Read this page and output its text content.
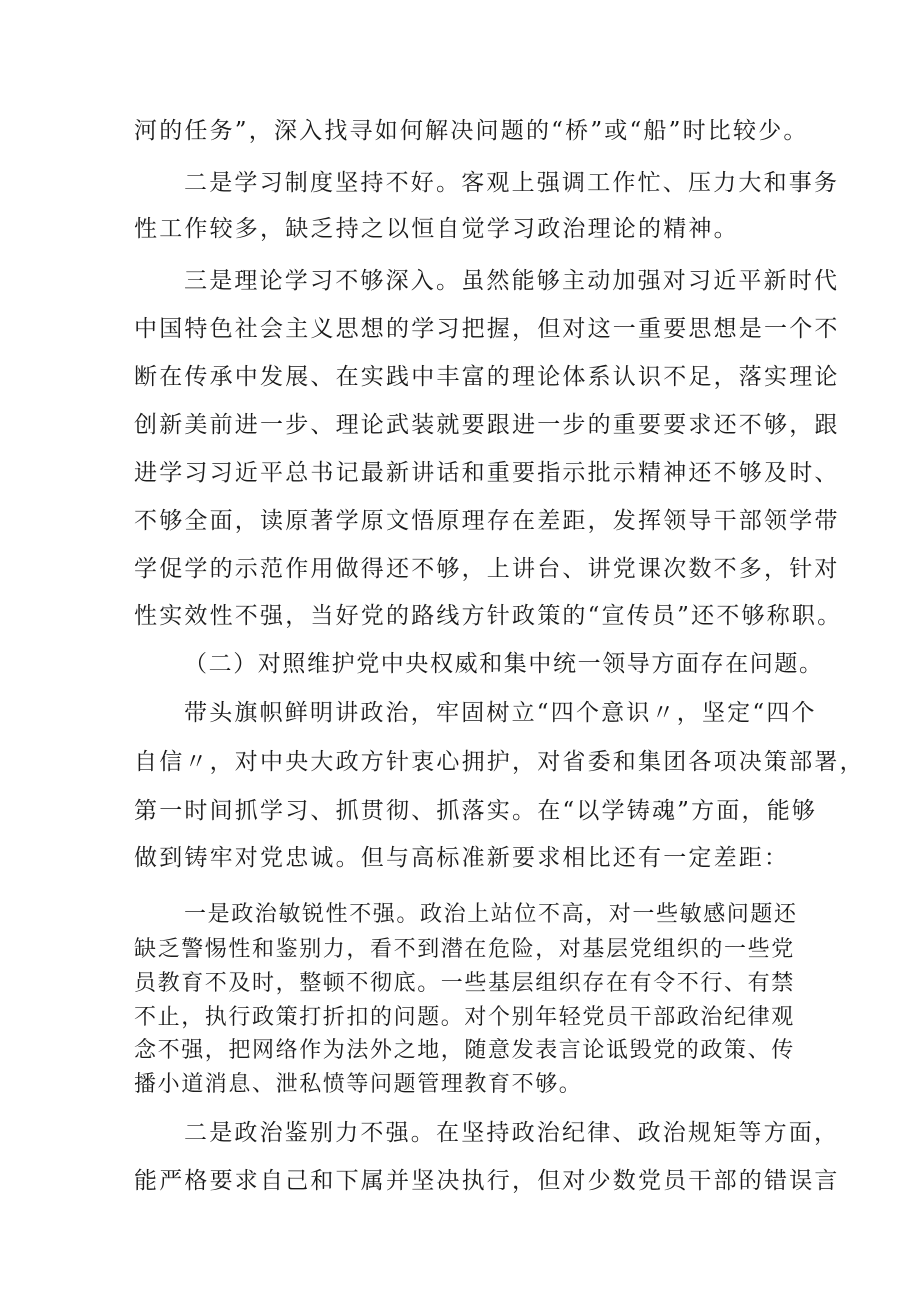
河的任务”，深入找寻如何解决问题的“桥”或“船”时比较少。
二是学习制度坚持不好。客观上强调工作忙、压力大和事务
性工作较多，缺乏持之以恒自觉学习政治理论的精神。
三是理论学习不够深入。虽然能够主动加强对习近平新时代
中国特色社会主义思想的学习把握，但对这一重要思想是一个不
断在传承中发展、在实践中丰富的理论体系认识不足，落实理论
创新美前进一步、理论武装就要跟进一步的重要要求还不够，跟
进学习习近平总书记最新讲话和重要指示批示精神还不够及时、
不够全面，读原著学原文悟原理存在差距，发挥领导干部领学带
学促学的示范作用做得还不够，上讲台、讲党课次数不多，针对
性实效性不强，当好党的路线方针政策的“宣传员”还不够称职。
（二）对照维护党中央权威和集中统一领导方面存在问题。
带头旗帜鲜明讲政治，牢固树立“四个意识〃，坚定“四个
自信〃，对中央大政方针衷心拥护，对省委和集团各项决策部署，
第一时间抓学习、抓贯彻、抓落实。在“以学铸魂”方面，能够
做到铸牢对党忠诚。但与高标准新要求相比还有一定差距：
一是政治敏锐性不强。政治上站位不高，对一些敏感问题还
缺乏警惕性和鉴别力，看不到潜在危险，对基层党组织的一些党
员教育不及时，整顿不彻底。一些基层组织存在有令不行、有禁
不止，执行政策打折扣的问题。对个别年轻党员干部政治纪律观
念不强，把网络作为法外之地，随意发表言论诋毁党的政策、传
播小道消息、泄私愤等问题管理教育不够。
二是政治鉴别力不强。在坚持政治纪律、政治规矩等方面，
能严格要求自己和下属并坚决执行，但对少数党员干部的错误言
